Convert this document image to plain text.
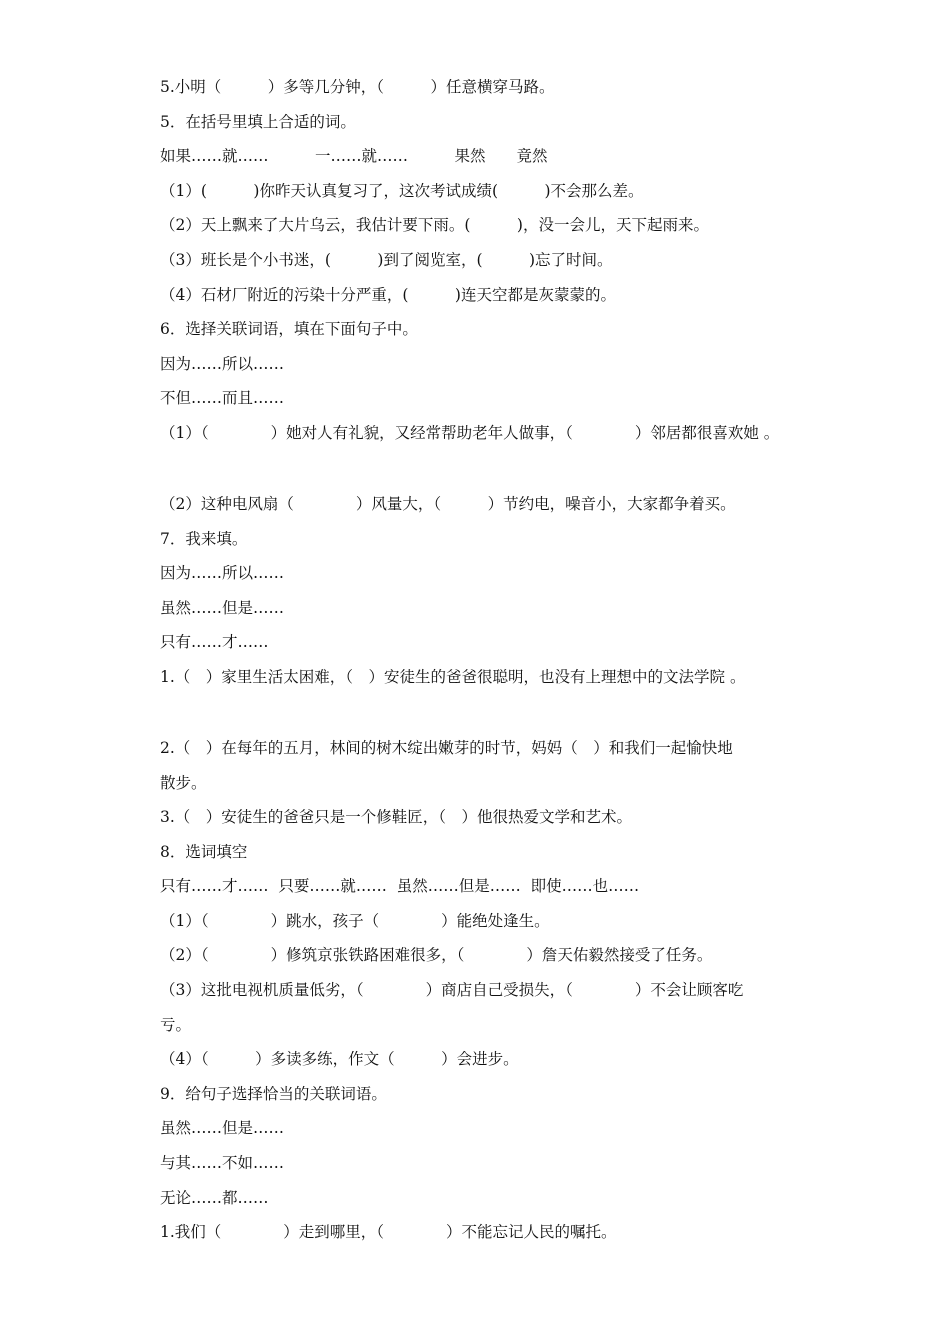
5.小明（　　　）多等几分钟，（　　　）任意横穿马路。

5．在括号里填上合适的词。

如果……就……　　　一……就……　　　果然　　竟然

（1）(　　　)你昨天认真复习了，这次考试成绩(　　　)不会那么差。

（2）天上飘来了大片乌云，我估计要下雨。(　　　)，没一会儿，天下起雨来。

（3）班长是个小书迷，(　　　)到了阅览室，(　　　)忘了时间。

（4）石材厂附近的污染十分严重，(　　　)连天空都是灰蒙蒙的。

6．选择关联词语，填在下面句子中。

因为……所以……

不但……而且……

（1）（　　　　）她对人有礼貌，又经常帮助老年人做事，（　　　　）邻居都很喜欢她 。

（2）这种电风扇（　　　　）风量大，（　　　）节约电，噪音小，大家都争着买。

7．我来填。

因为……所以……

虽然……但是……

只有……才……

1.（　）家里生活太困难，（　）安徒生的爸爸很聪明，也没有上理想中的文法学院 。

2.（　）在每年的五月，林间的树木绽出嫩芽的时节，妈妈（　）和我们一起愉快地

散步。

3.（　）安徒生的爸爸只是一个修鞋匠，（　）他很热爱文学和艺术。

8．选词填空

只有……才……  只要……就……  虽然……但是……  即使……也……

（1）（　　　　）跳水，孩子（　　　　）能绝处逢生。

（2）（　　　　）修筑京张铁路困难很多，（　　　　）詹天佑毅然接受了任务。

（3）这批电视机质量低劣，（　　　　）商店自己受损失，（　　　　）不会让顾客吃

亏。

（4）（　　　）多读多练，作文（　　　）会进步。

9．给句子选择恰当的关联词语。

虽然……但是……

与其……不如……

无论……都……

1.我们（　　　　）走到哪里，（　　　　）不能忘记人民的嘱托。
